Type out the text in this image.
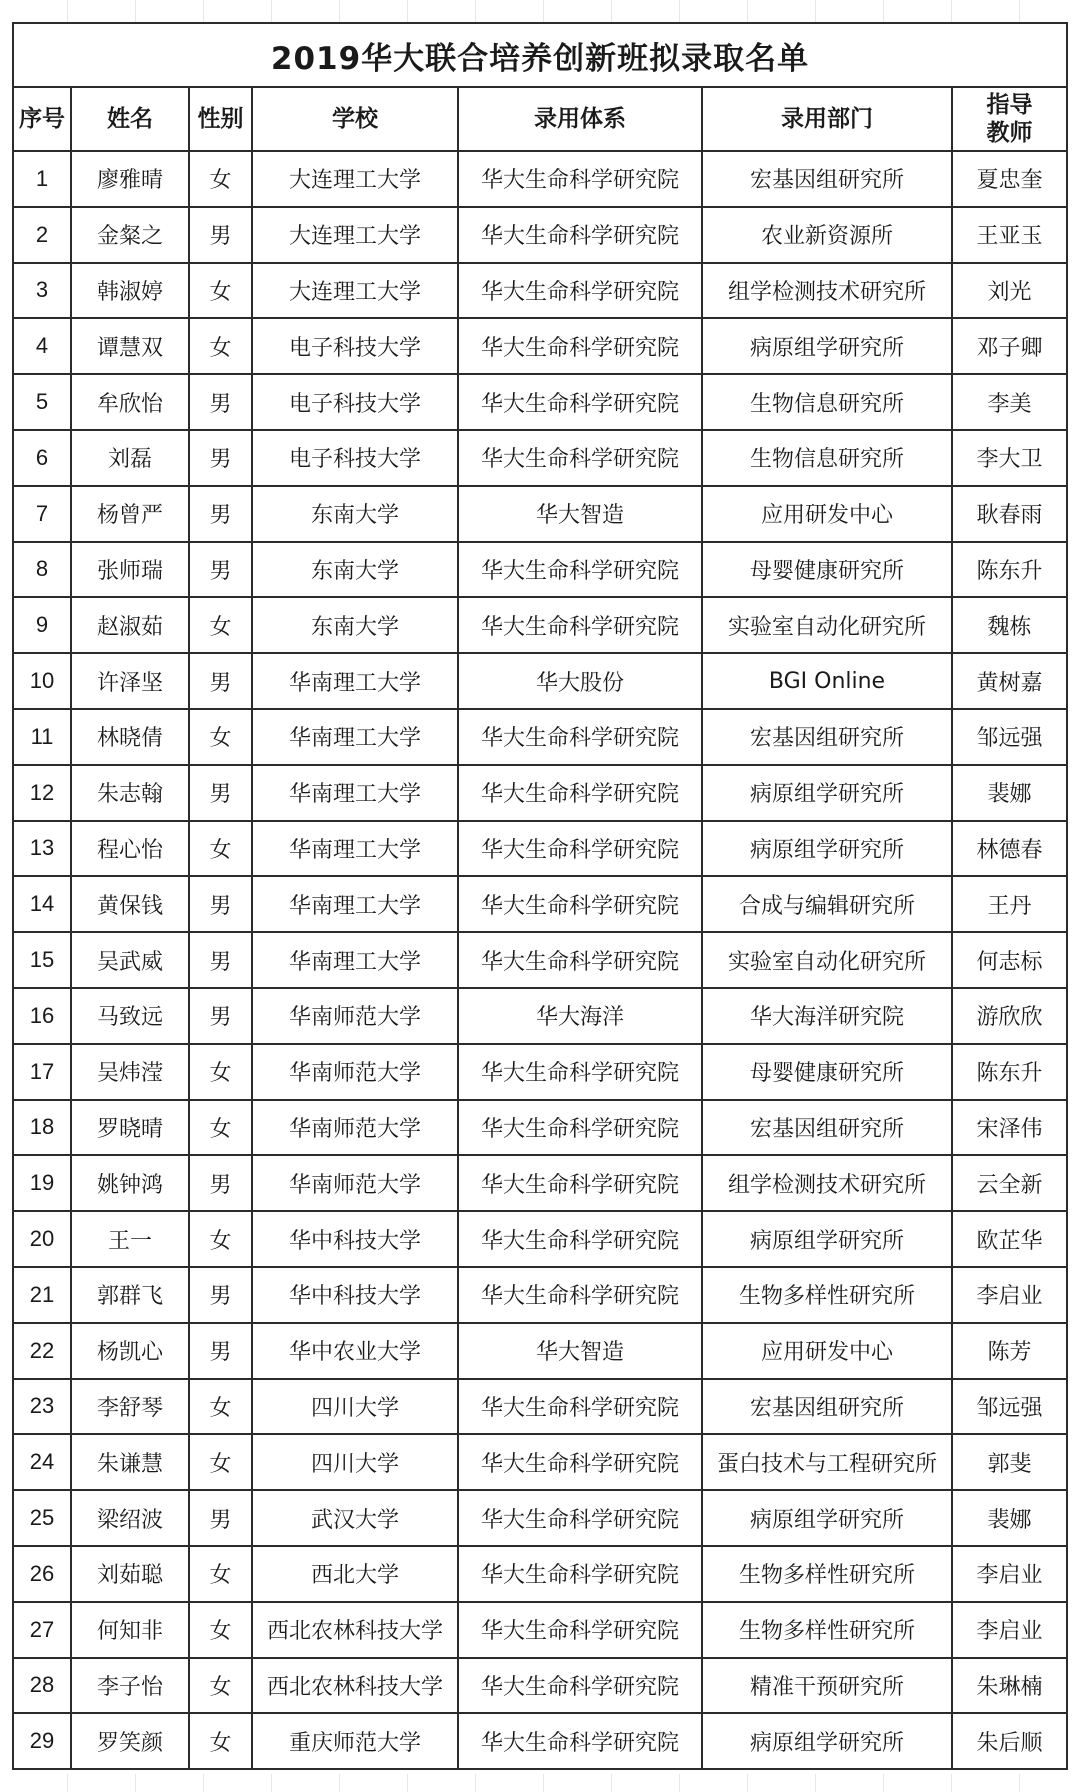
2019华大联合培养创新班拟录取名单						
序号	姓名	性别	学校	录用体系	录用部门	指导
教师

1	廖雅晴	女	大连理工大学	华大生命科学研究院	宏基因组研究所	夏忠奎
2	金粲之	男	大连理工大学	华大生命科学研究院	农业新资源所	王亚玉
3	韩淑婷	女	大连理工大学	华大生命科学研究院	组学检测技术研究所	刘光
4	谭慧双	女	电子科技大学	华大生命科学研究院	病原组学研究所	邓子卿
5	牟欣怡	男	电子科技大学	华大生命科学研究院	生物信息研究所	李美
6	刘磊	男	电子科技大学	华大生命科学研究院	生物信息研究所	李大卫
7	杨曾严	男	东南大学	华大智造	应用研发中心	耿春雨
8	张师瑞	男	东南大学	华大生命科学研究院	母婴健康研究所	陈东升
9	赵淑茹	女	东南大学	华大生命科学研究院	实验室自动化研究所	魏栋
10	许泽坚	男	华南理工大学	华大股份	BGI Online	黄树嘉
11	林晓倩	女	华南理工大学	华大生命科学研究院	宏基因组研究所	邹远强
12	朱志翰	男	华南理工大学	华大生命科学研究院	病原组学研究所	裴娜
13	程心怡	女	华南理工大学	华大生命科学研究院	病原组学研究所	林德春
14	黄保钱	男	华南理工大学	华大生命科学研究院	合成与编辑研究所	王丹
15	吴武威	男	华南理工大学	华大生命科学研究院	实验室自动化研究所	何志标
16	马致远	男	华南师范大学	华大海洋	华大海洋研究院	游欣欣
17	吴炜滢	女	华南师范大学	华大生命科学研究院	母婴健康研究所	陈东升
18	罗晓晴	女	华南师范大学	华大生命科学研究院	宏基因组研究所	宋泽伟
19	姚钟鸿	男	华南师范大学	华大生命科学研究院	组学检测技术研究所	云全新
20	王一	女	华中科技大学	华大生命科学研究院	病原组学研究所	欧芷华
21	郭群飞	男	华中科技大学	华大生命科学研究院	生物多样性研究所	李启业
22	杨凯心	男	华中农业大学	华大智造	应用研发中心	陈芳
23	李舒琴	女	四川大学	华大生命科学研究院	宏基因组研究所	邹远强
24	朱谦慧	女	四川大学	华大生命科学研究院	蛋白技术与工程研究所	郭斐
25	梁绍波	男	武汉大学	华大生命科学研究院	病原组学研究所	裴娜
26	刘茹聪	女	西北大学	华大生命科学研究院	生物多样性研究所	李启业
27	何知非	女	西北农林科技大学	华大生命科学研究院	生物多样性研究所	李启业
28	李子怡	女	西北农林科技大学	华大生命科学研究院	精准干预研究所	朱琳楠
29	罗笑颜	女	重庆师范大学	华大生命科学研究院	病原组学研究所	朱后顺
